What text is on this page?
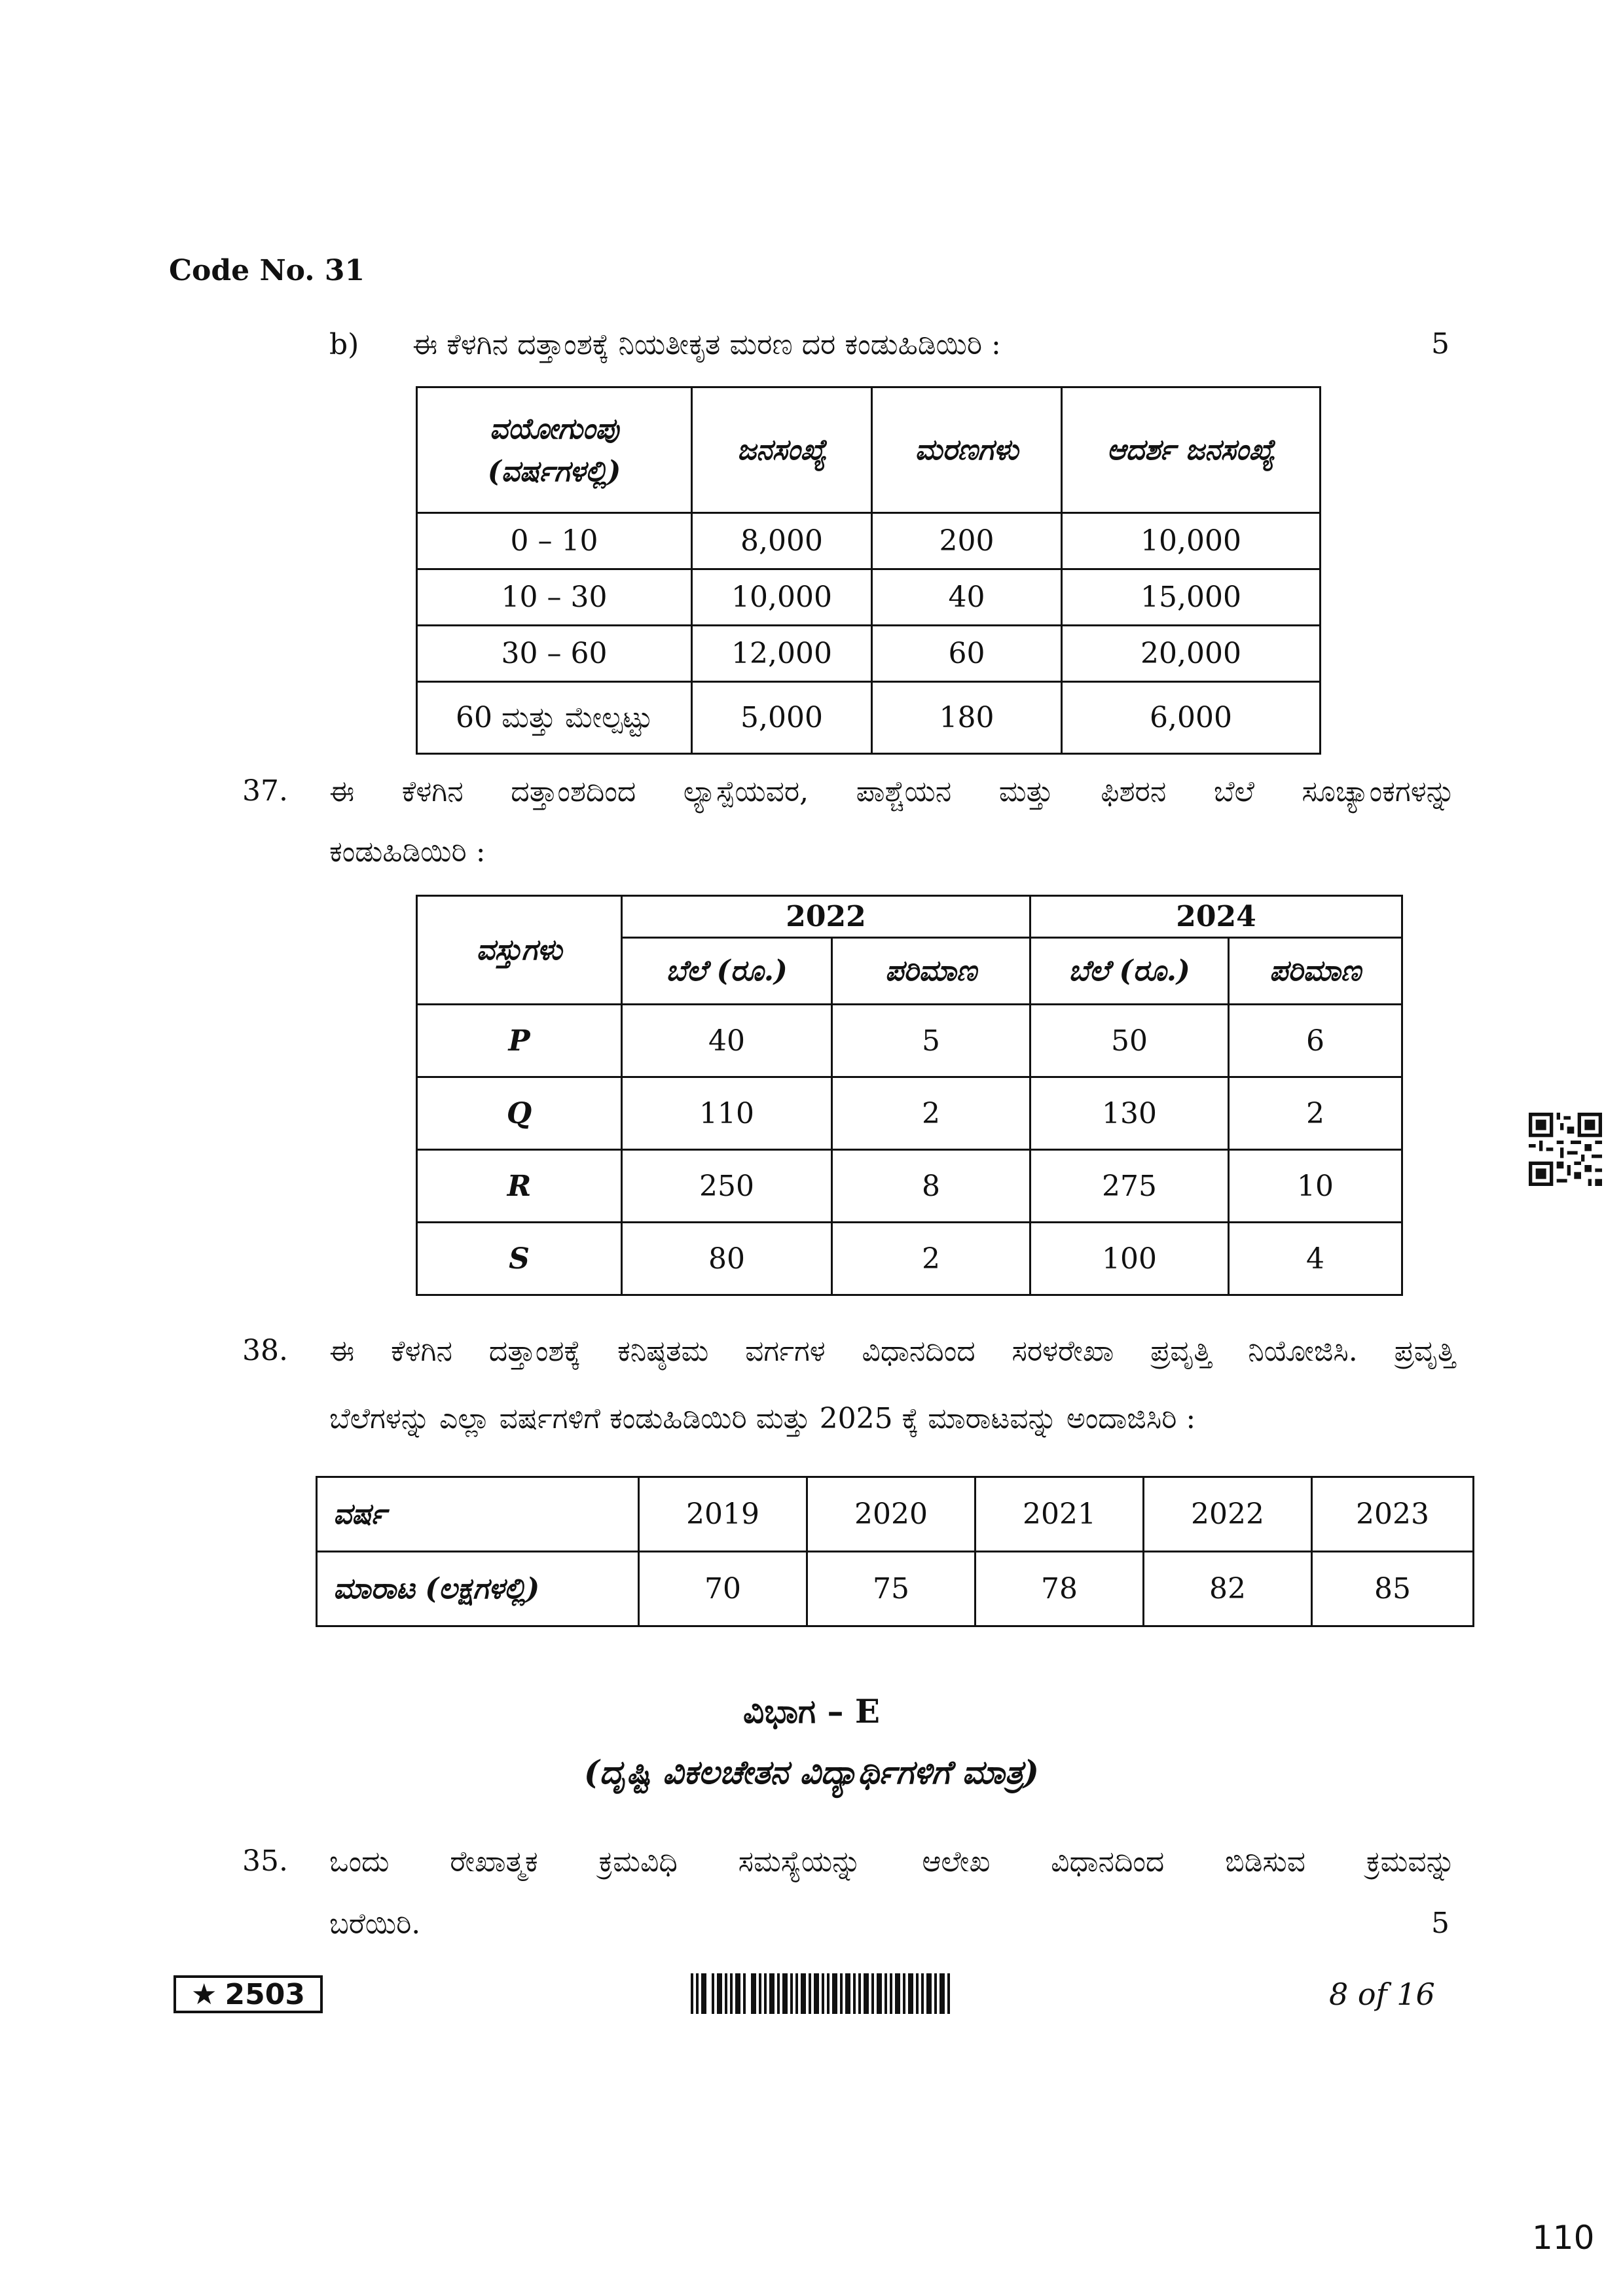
Code No. 31
b) ಈ ಕೆಳಗಿನ ದತ್ತಾಂಶಕ್ಕೆ ನಿಯತೀಕೃತ ಮರಣ ದರ ಕಂಡುಹಿಡಿಯಿರಿ :	5
ವಯೋಗುಂಪು
(ವರ್ಷಗಳಲ್ಲಿ)	ಜನಸಂಖ್ಯೆ	ಮರಣಗಳು	ಆದರ್ಶ ಜನಸಂಖ್ಯೆ
0 – 10	8,000	200	10,000
10 – 30	10,000	40	15,000
30 – 60	12,000	60	20,000
60 ಮತ್ತು ಮೇಲ್ಪಟ್ಟು	5,000	180	6,000
37. ಈ ಕೆಳಗಿನ ದತ್ತಾಂಶದಿಂದ ಲ್ಯಾಸ್ಪೆಯವರ, ಪಾಶ್ಚೆಯನ ಮತ್ತು ಫಿಶರನ ಬೆಲೆ ಸೂಚ್ಯಾಂಕಗಳನ್ನು
ಕಂಡುಹಿಡಿಯಿರಿ :
ವಸ್ತುಗಳು	2022		2024	
	ಬೆಲೆ (ರೂ.)	ಪರಿಮಾಣ	ಬೆಲೆ (ರೂ.)	ಪರಿಮಾಣ
P	40	5	50	6
Q	110	2	130	2
R	250	8	275	10
S	80	2	100	4
38. ಈ ಕೆಳಗಿನ ದತ್ತಾಂಶಕ್ಕೆ ಕನಿಷ್ಠತಮ ವರ್ಗಗಳ ವಿಧಾನದಿಂದ ಸರಳರೇಖಾ ಪ್ರವೃತ್ತಿ ನಿಯೋಜಿಸಿ. ಪ್ರವೃತ್ತಿ
ಬೆಲೆಗಳನ್ನು ಎಲ್ಲಾ ವರ್ಷಗಳಿಗೆ ಕಂಡುಹಿಡಿಯಿರಿ ಮತ್ತು 2025 ಕ್ಕೆ ಮಾರಾಟವನ್ನು ಅಂದಾಜಿಸಿರಿ :
ವರ್ಷ	2019	2020	2021	2022	2023
ಮಾರಾಟ (ಲಕ್ಷಗಳಲ್ಲಿ)	70	75	78	82	85
ವಿಭಾಗ – E
(ದೃಷ್ಟಿ ವಿಕಲಚೇತನ ವಿದ್ಯಾರ್ಥಿಗಳಿಗೆ ಮಾತ್ರ)
35. ಒಂದು ರೇಖಾತ್ಮಕ ಕ್ರಮವಿಧಿ ಸಮಸ್ಯೆಯನ್ನು ಆಲೇಖ ವಿಧಾನದಿಂದ ಬಿಡಿಸುವ ಕ್ರಮವನ್ನು
ಬರೆಯಿರಿ.	5
★ 2503	8 of 16
110
